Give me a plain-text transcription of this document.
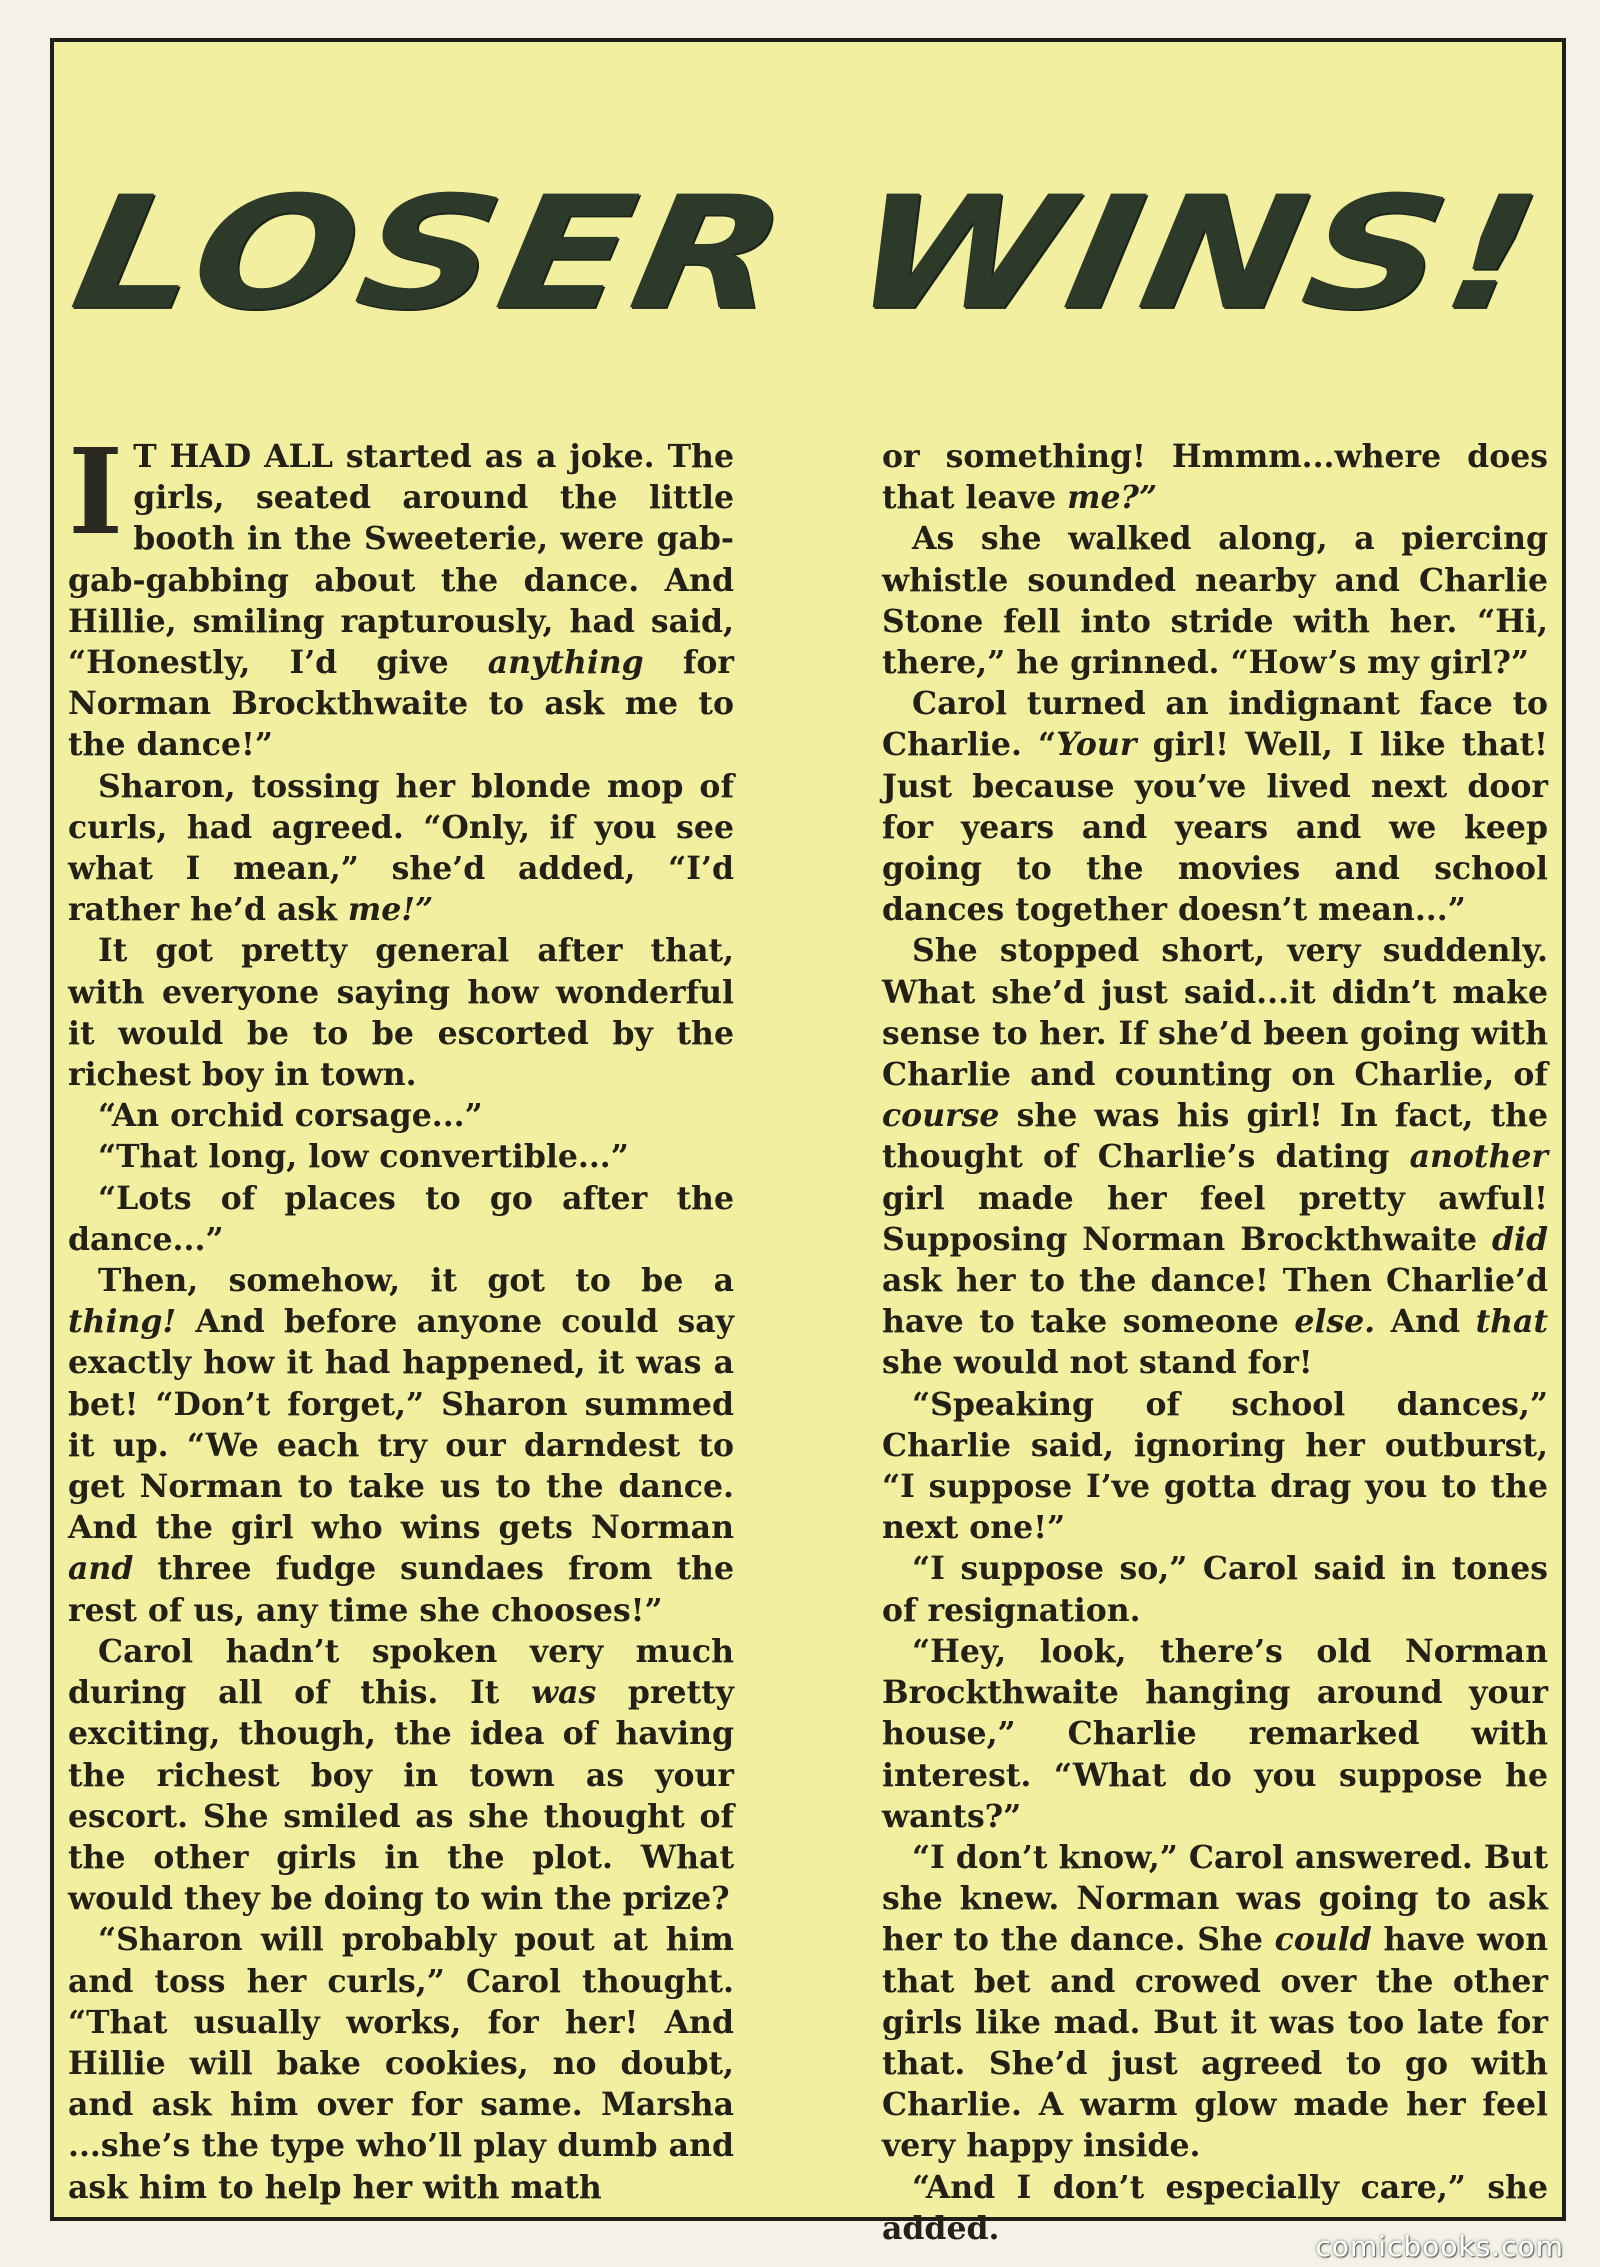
LOSER WINS!
I T HAD ALL started as a joke. The girls, seated around the little booth in the Sweeterie, were gab-gab-gabbing about the dance. And Hillie, smiling rapturously, had said, “Honestly, I’d give anything for Norman Brockthwaite to ask me to the dance!”

Sharon, tossing her blonde mop of curls, had agreed. “Only, if you see what I mean,” she’d added, “I’d rather he’d ask me!”

It got pretty general after that, with everyone saying how wonderful it would be to be escorted by the richest boy in town.

“An orchid corsage...”

“That long, low convertible...”

“Lots of places to go after the dance...”

Then, somehow, it got to be a thing! And before anyone could say exactly how it had happened, it was a bet! “Don’t forget,” Sharon summed it up. “We each try our darndest to get Norman to take us to the dance. And the girl who wins gets Norman and three fudge sundaes from the rest of us, any time she chooses!”

Carol hadn’t spoken very much during all of this. It was pretty exciting, though, the idea of having the richest boy in town as your escort. She smiled as she thought of the other girls in the plot. What would they be doing to win the prize?

“Sharon will probably pout at him and toss her curls,” Carol thought. “That usually works, for her! And Hillie will bake cookies, no doubt, and ask him over for same. Marsha ...she’s the type who’ll play dumb and ask him to help her with math

or something! Hmmm...where does that leave me?”

As she walked along, a piercing whistle sounded nearby and Charlie Stone fell into stride with her. “Hi, there,” he grinned. “How’s my girl?”

Carol turned an indignant face to Charlie. “Your girl! Well, I like that! Just because you’ve lived next door for years and years and we keep going to the movies and school dances together doesn’t mean...”

She stopped short, very suddenly. What she’d just said...it didn’t make sense to her. If she’d been going with Charlie and counting on Charlie, of course she was his girl! In fact, the thought of Charlie’s dating another girl made her feel pretty awful! Supposing Norman Brockthwaite did ask her to the dance! Then Charlie’d have to take someone else. And that she would not stand for!

“Speaking of school dances,” Charlie said, ignoring her outburst, “I suppose I’ve gotta drag you to the next one!”

“I suppose so,” Carol said in tones of resignation.

“Hey, look, there’s old Norman Brockthwaite hanging around your house,” Charlie remarked with interest. “What do you suppose he wants?”

“I don’t know,” Carol answered. But she knew. Norman was going to ask her to the dance. She could have won that bet and crowed over the other girls like mad. But it was too late for that. She’d just agreed to go with Charlie. A warm glow made her feel very happy inside.

“And I don’t especially care,” she added.	comicbooks.com
